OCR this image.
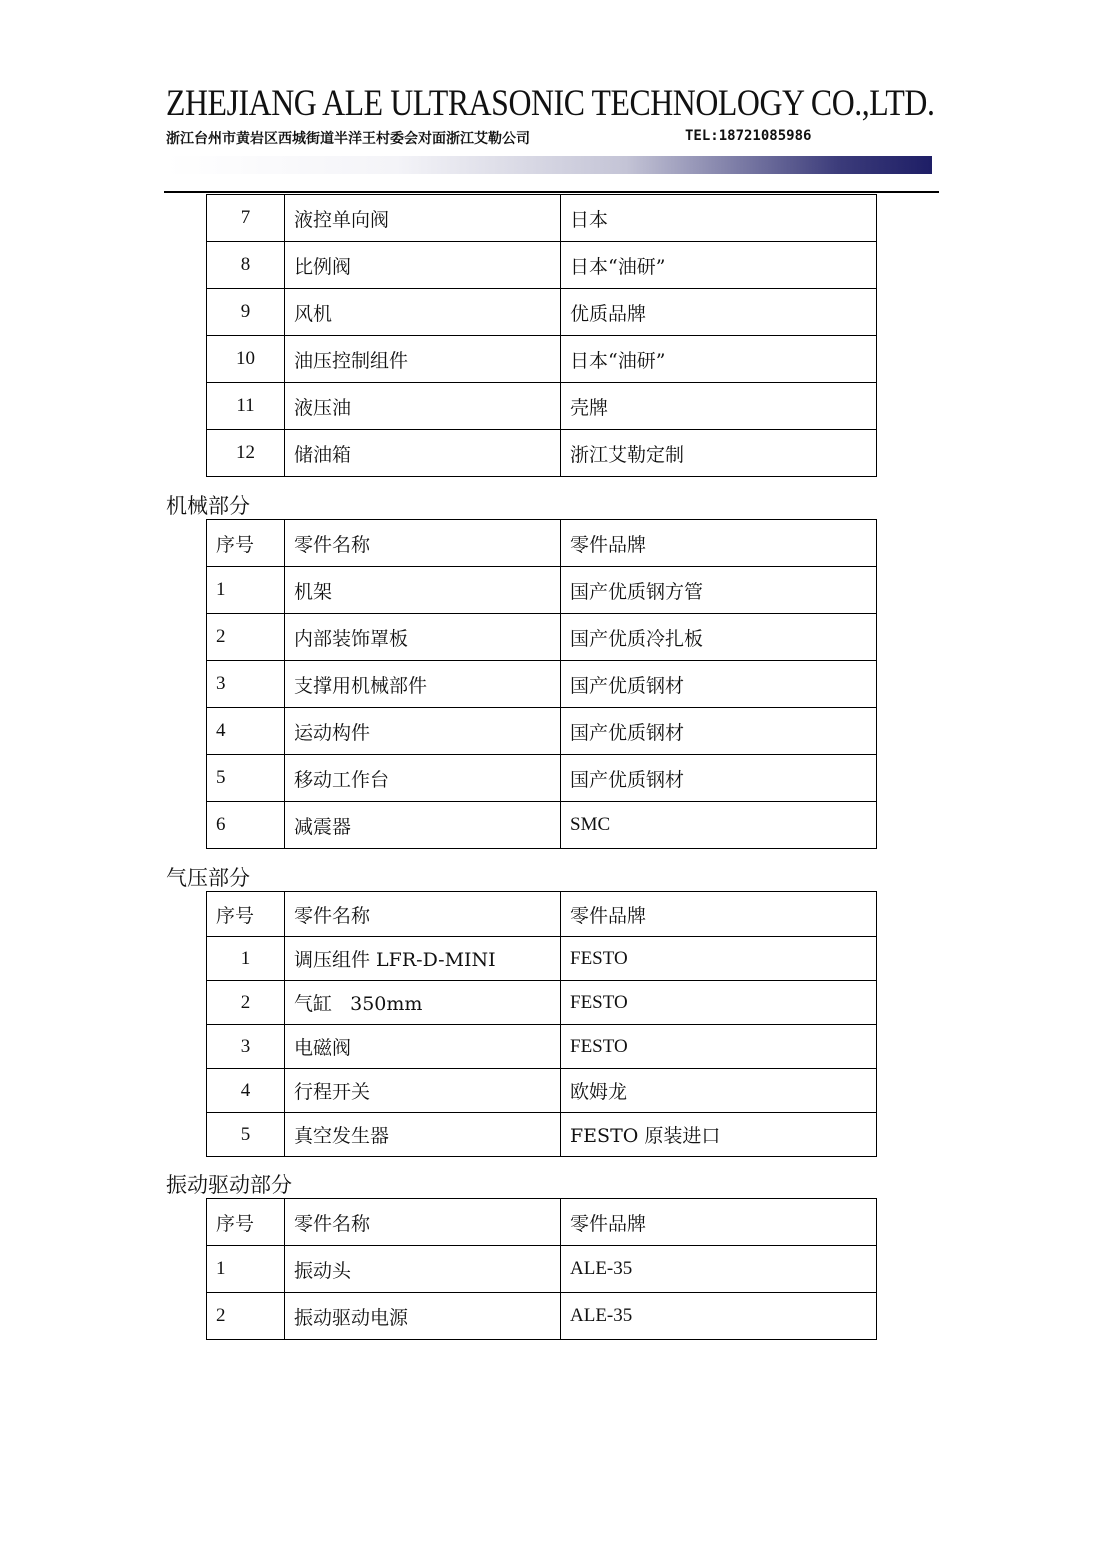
ZHEJIANG ALE ULTRASONIC TECHNOLOGY CO.,LTD.
浙江台州市黄岩区西城街道半洋王村委会对面浙江艾勒公司	TEL:18721085986
7	液控单向阀	日本
8	比例阀	日本“油研”
9	风机	优质品牌
10	油压控制组件	日本“油研”
11	液压油	壳牌
12	储油箱	浙江艾勒定制
机械部分
序号	零件名称	零件品牌
1	机架	国产优质钢方管
2	内部装饰罩板	国产优质冷扎板
3	支撑用机械部件	国产优质钢材
4	运动构件	国产优质钢材
5	移动工作台	国产优质钢材
6	减震器	SMC
气压部分
序号	零件名称	零件品牌
1	调压组件 LFR-D-MINI	FESTO
2	气缸   350mm	FESTO
3	电磁阀	FESTO
4	行程开关	欧姆龙
5	真空发生器	FESTO 原装进口
振动驱动部分
序号	零件名称	零件品牌
1	振动头	ALE-35
2	振动驱动电源	ALE-35
